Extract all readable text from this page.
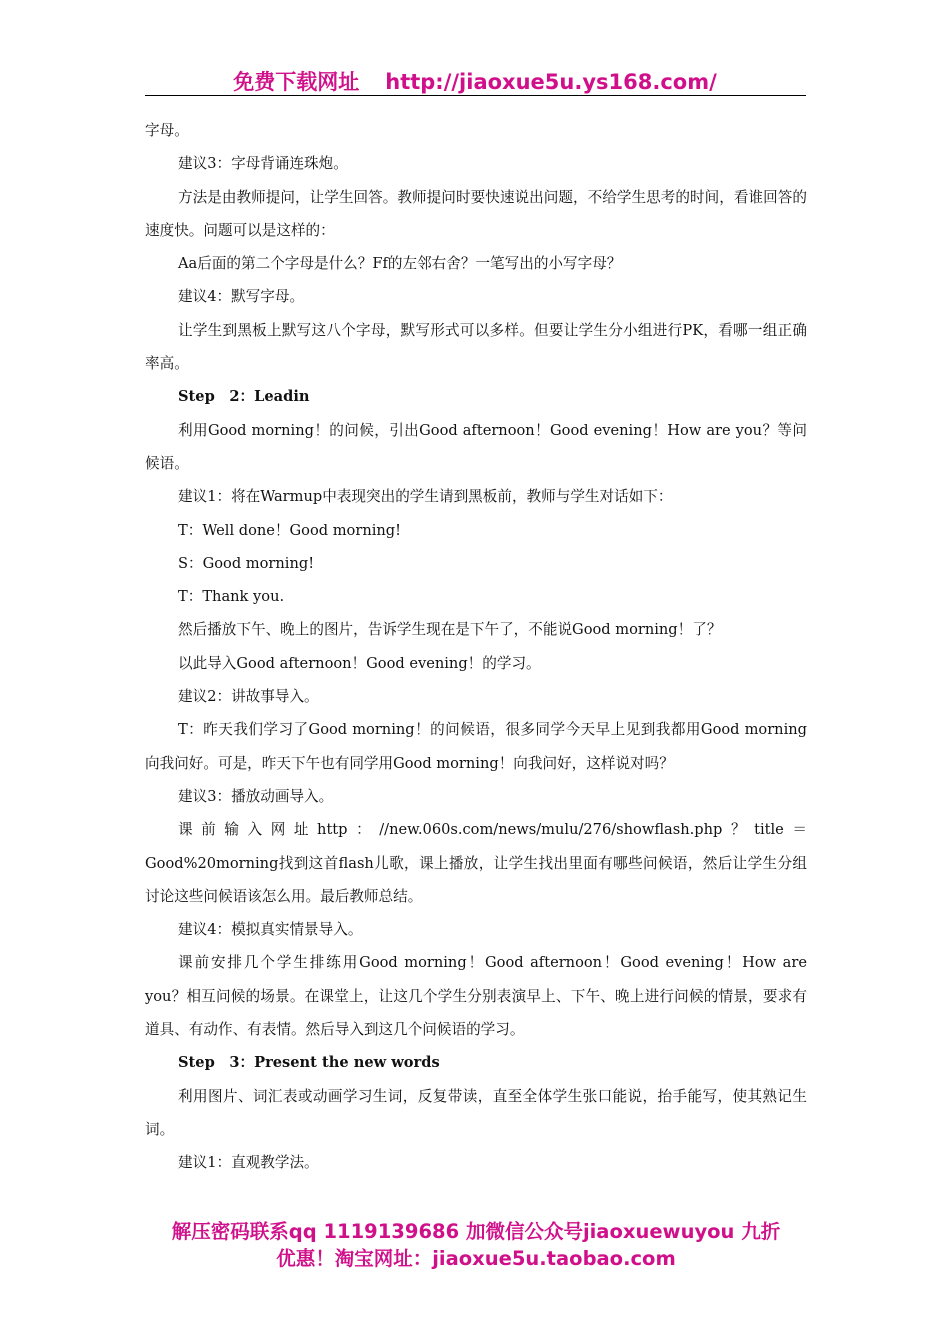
免费下载网址 http://jiaoxue5u.ys168.com/

字母。

建议3：字母背诵连珠炮。

方法是由教师提问，让学生回答。教师提问时要快速说出问题，不给学生思考的时间，看谁回答的速度快。问题可以是这样的：

Aa后面的第二个字母是什么？Ff的左邻右舍？一笔写出的小写字母？

建议4：默写字母。

让学生到黑板上默写这八个字母，默写形式可以多样。但要让学生分小组进行PK，看哪一组正确率高。

Step　2：Leadin

利用Good morning！的问候，引出Good afternoon！Good evening！How are you？等问候语。

建议1：将在Warmup中表现突出的学生请到黑板前，教师与学生对话如下：

T：Well done！Good morning!

S：Good morning!

T：Thank you.

然后播放下午、晚上的图片，告诉学生现在是下午了，不能说Good morning！了？

以此导入Good afternoon！Good evening！的学习。

建议2：讲故事导入。

T：昨天我们学习了Good morning！的问候语，很多同学今天早上见到我都用Good morning向我问好。可是，昨天下午也有同学用Good morning！向我问好，这样说对吗？

建议3：播放动画导入。

课前输入网址http：//new.060s.com/news/mulu/276/showflash.php？title＝Good%20morning找到这首flash儿歌，课上播放，让学生找出里面有哪些问候语，然后让学生分组讨论这些问候语该怎么用。最后教师总结。

建议4：模拟真实情景导入。

课前安排几个学生排练用Good morning！Good afternoon！Good evening！How are you？相互问候的场景。在课堂上，让这几个学生分别表演早上、下午、晚上进行问候的情景，要求有道具、有动作、有表情。然后导入到这几个问候语的学习。

Step　3：Present the new words

利用图片、词汇表或动画学习生词，反复带读，直至全体学生张口能说，抬手能写，使其熟记生词。

建议1：直观教学法。

解压密码联系qq 1119139686 加微信公众号jiaoxuewuyou 九折
优惠！淘宝网址：jiaoxue5u.taobao.com
